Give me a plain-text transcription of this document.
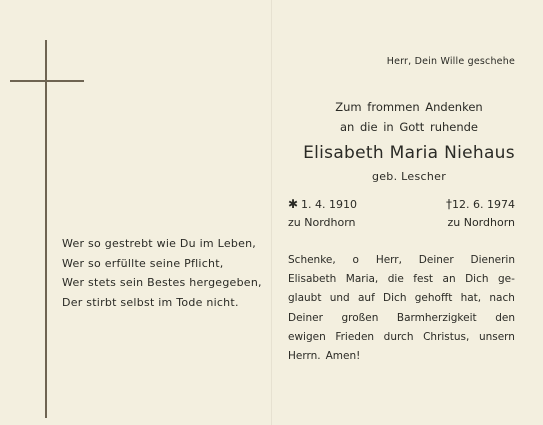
Wer so gestrebt wie Du im Leben,
Wer so erfüllte seine Pflicht,
Wer stets sein Bestes hergegeben,
Der stirbt selbst im Tode nicht.
Herr, Dein Wille geschehe
Zum frommen Andenken
an die in Gott ruhende
Elisabeth Maria Niehaus
geb. Lescher
✱ 1. 4. 1910
zu Nordhorn
†12. 6. 1974
zu Nordhorn
Schenke, o Herr, Deiner Dienerin
Elisabeth Maria, die fest an Dich ge-
glaubt und auf Dich gehofft hat, nach
Deiner großen Barmherzigkeit den
ewigen Frieden durch Christus, unsern
Herrn. Amen!
